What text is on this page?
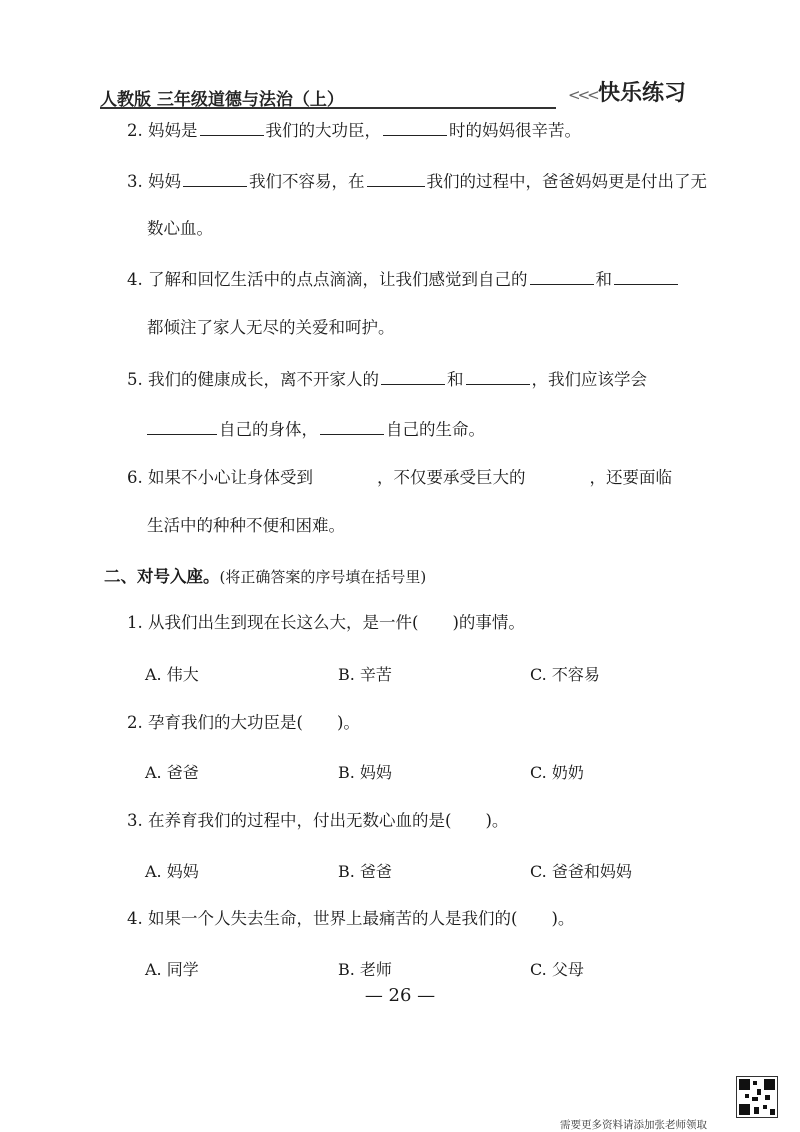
人教版 三年级道德与法治（上）	<<< 快乐练习
2. 妈妈是	我们的大功臣，	时的妈妈很辛苦。
3. 妈妈	我们不容易，在	我们的过程中，爸爸妈妈更是付出了无
数心血。
4. 了解和回忆生活中的点点滴滴，让我们感觉到自己的	和
都倾注了家人无尽的关爱和呵护。
5. 我们的健康成长，离不开家人的	和	，我们应该学会
自己的身体，	自己的生命。
6. 如果不小心让身体受到	，不仅要承受巨大的	，还要面临
生活中的种种不便和困难。
二、对号入座。(将正确答案的序号填在括号里)
1. 从我们出生到现在长这么大，是一件( )的事情。
A. 伟大	B. 辛苦	C. 不容易
2. 孕育我们的大功臣是( )。
A. 爸爸	B. 妈妈	C. 奶奶
3. 在养育我们的过程中，付出无数心血的是( )。
A. 妈妈	B. 爸爸	C. 爸爸和妈妈
4. 如果一个人失去生命，世界上最痛苦的人是我们的( )。
A. 同学	B. 老师	C. 父母
— 26 —
需要更多资料请添加张老师领取
